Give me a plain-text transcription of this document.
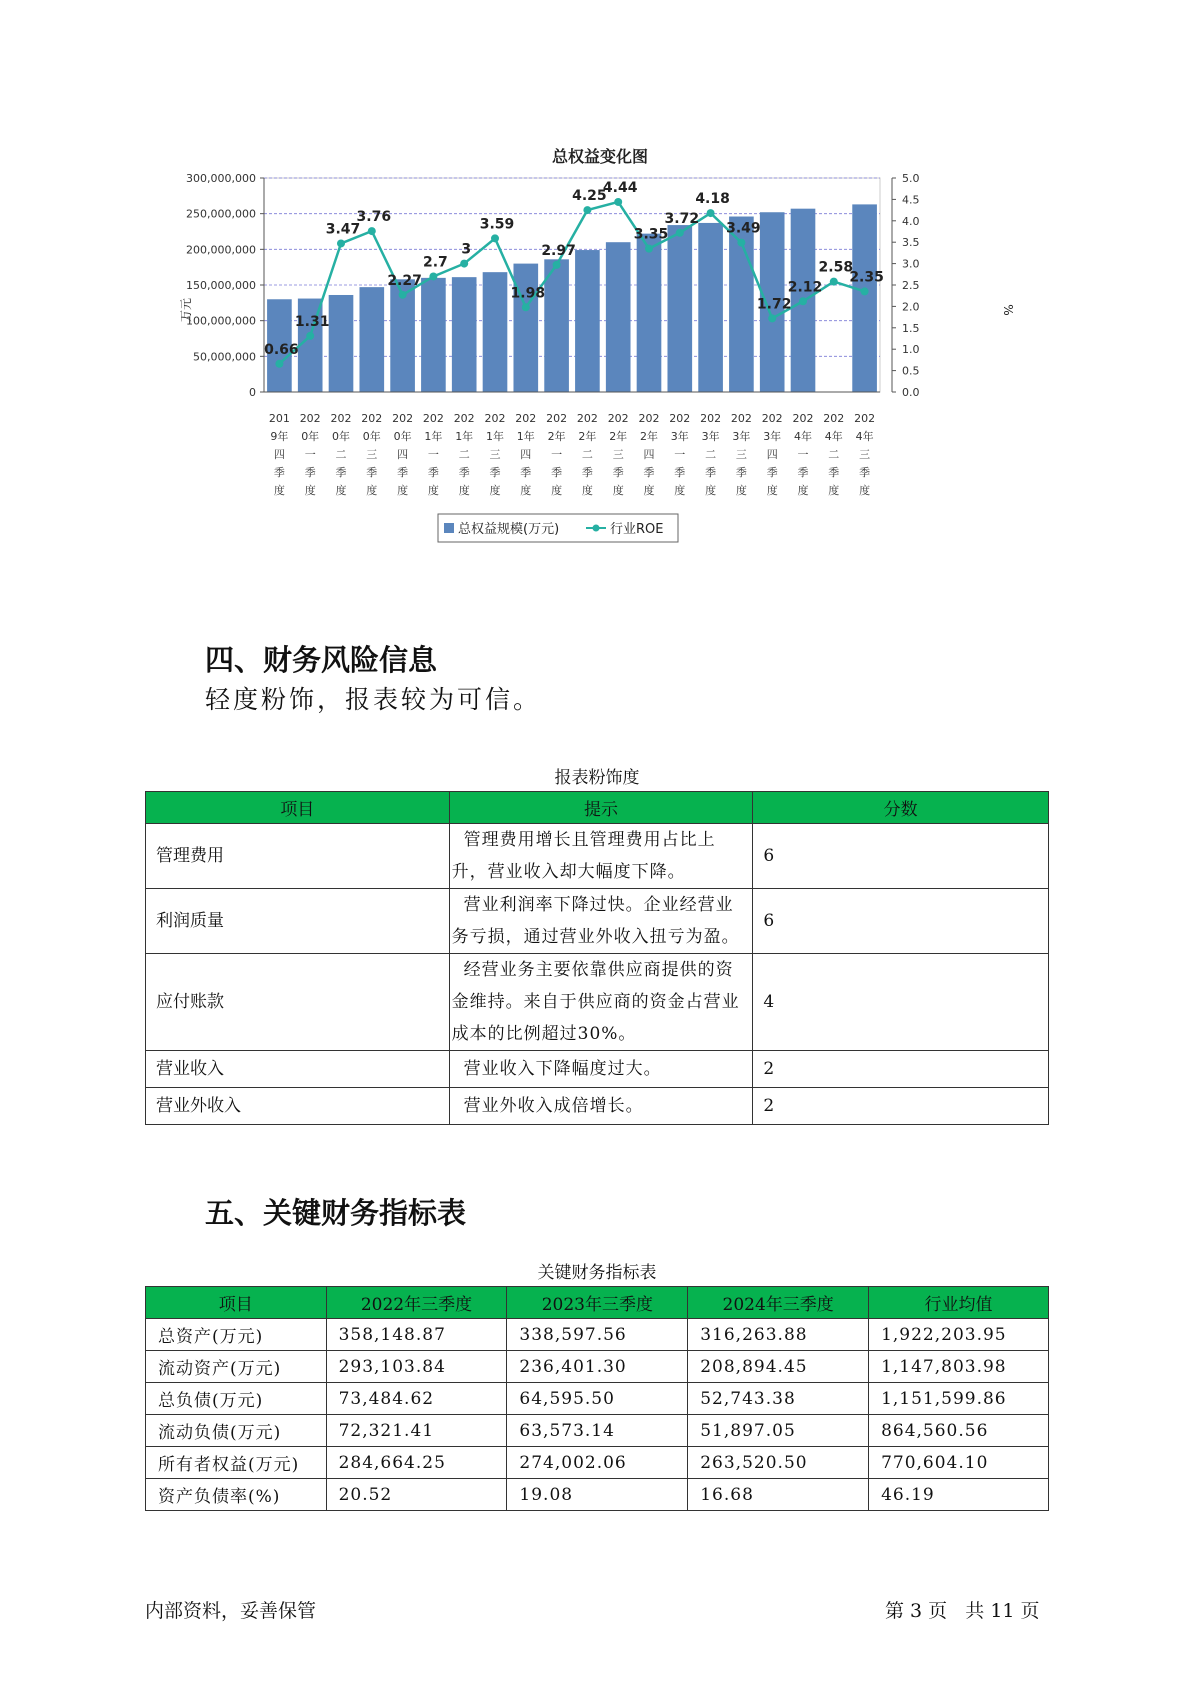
总权益变化图
万元	%
0
50,000,000
100,000,000
150,000,000
200,000,000
250,000,000
300,000,000
0.0
0.5
1.0
1.5
2.0
2.5
3.0
3.5
4.0
4.5
5.0
0.66
1.31
3.47
3.76
2.27
2.7
3
3.59
1.98
2.97
4.25
4.44
3.35
3.72
4.18
3.49
1.72
2.12
2.58
2.35
201 9年四季度
202 0年一季度
202 0年二季度
202 0年三季度
202 0年四季度
202 1年一季度
202 1年二季度
202 1年三季度
202 1年四季度
202 2年一季度
202 2年二季度
202 2年三季度
202 2年四季度
202 3年一季度
202 3年二季度
202 3年三季度
202 3年四季度
202 4年一季度
202 4年二季度
202 4年三季度
总权益规模(万元)	行业ROE
四、财务风险信息

轻度粉饰，报表较为可信。

报表粉饰度
项目	提示	分数
管理费用	管理费用增长且管理费用占比上升，营业收入却大幅度下降。	6
利润质量	营业利润率下降过快。企业经营业务亏损，通过营业外收入扭亏为盈。	6
应付账款	经营业务主要依靠供应商提供的资金维持。来自于供应商的资金占营业成本的比例超过30%。	4
营业收入	营业收入下降幅度过大。	2
营业外收入	营业外收入成倍增长。	2
五、关键财务指标表
关键财务指标表
项目	2022年三季度	2023年三季度	2024年三季度	行业均值
总资产(万元)	358,148.87	338,597.56	316,263.88	1,922,203.95
流动资产(万元)	293,103.84	236,401.30	208,894.45	1,147,803.98
总负债(万元)	73,484.62	64,595.50	52,743.38	1,151,599.86
流动负债(万元)	72,321.41	63,573.14	51,897.05	864,560.56
所有者权益(万元)	284,664.25	274,002.06	263,520.50	770,604.10
资产负债率(%)	20.52	19.08	16.68	46.19
内部资料，妥善保管	第 3 页   共 11 页
